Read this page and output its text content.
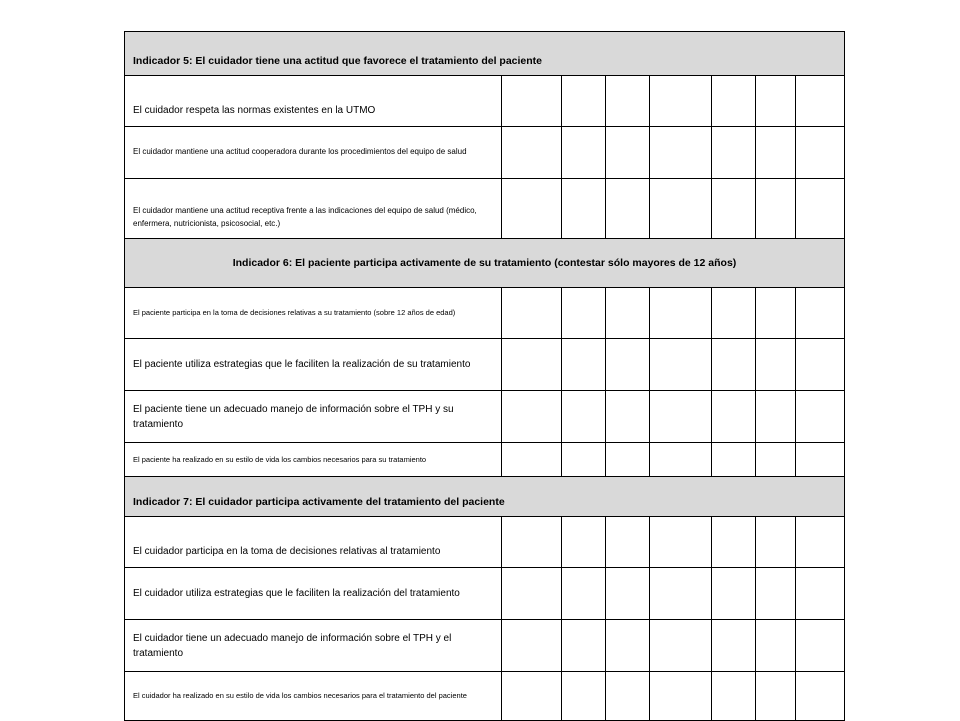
Indicador 5: El cuidador tiene una actitud que favorece el tratamiento del paciente							
El cuidador respeta las normas existentes en la UTMO							
El cuidador mantiene una actitud cooperadora durante los procedimientos del equipo de salud							
El cuidador mantiene una actitud receptiva frente a las indicaciones del equipo de salud (médico, enfermera, nutricionista, psicosocial, etc.)							
Indicador 6: El paciente participa activamente de su tratamiento (contestar sólo mayores de 12 años)							
El paciente participa en la toma de decisiones relativas a su tratamiento (sobre 12 años de edad)							
El paciente utiliza estrategias que le faciliten la realización de su tratamiento							
El paciente tiene un adecuado manejo de información sobre el TPH y su tratamiento							
El paciente ha realizado en su estilo de vida los cambios necesarios para su tratamiento							
Indicador 7: El cuidador participa activamente del tratamiento del paciente							
El cuidador participa en la toma de decisiones relativas al tratamiento							
El cuidador utiliza estrategias que le faciliten la realización del tratamiento							
El cuidador tiene un adecuado manejo de información sobre el TPH y el tratamiento							
El cuidador ha realizado en su estilo de vida los cambios necesarios para el tratamiento del paciente							
